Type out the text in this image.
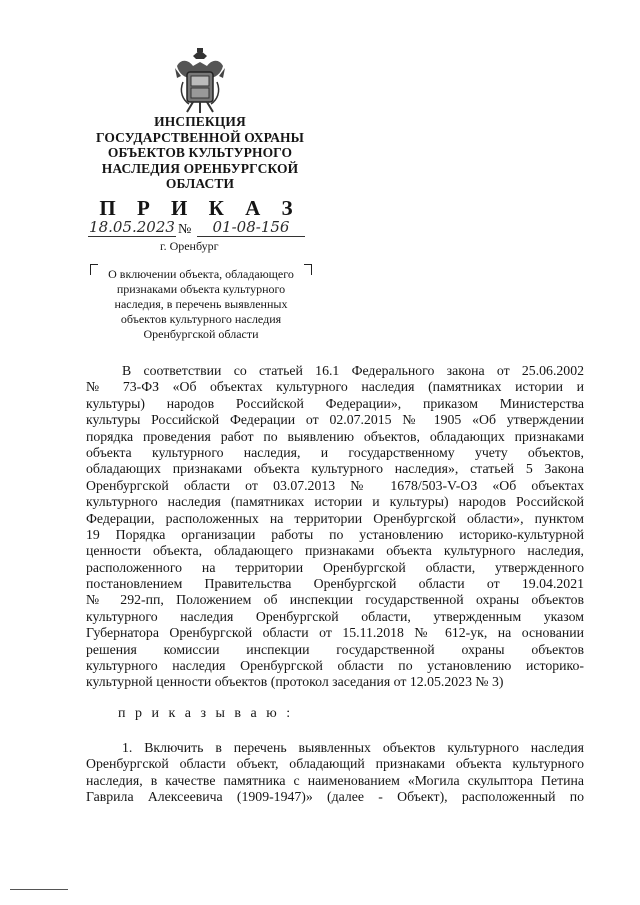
ИНСПЕКЦИЯ
ГОСУДАРСТВЕННОЙ ОХРАНЫ
ОБЪЕКТОВ КУЛЬТУРНОГО
НАСЛЕДИЯ ОРЕНБУРГСКОЙ
ОБЛАСТИ
П Р И К А З
18.05.2023 №	01-08-156
г. Оренбург
О включении объекта, обладающего
признаками объекта культурного
наследия, в перечень выявленных
объектов культурного наследия
Оренбургской области
В соответствии со статьей 16.1 Федерального закона от 25.06.2002
№ 73-ФЗ «Об объектах культурного наследия (памятниках истории и
культуры) народов Российской Федерации», приказом Министерства
культуры Российской Федерации от 02.07.2015 № 1905 «Об утверждении
порядка проведения работ по выявлению объектов, обладающих признаками
объекта культурного наследия, и государственному учету объектов,
обладающих признаками объекта культурного наследия», статьей 5 Закона
Оренбургской области от 03.07.2013 № 1678/503-V-ОЗ «Об объектах
культурного наследия (памятниках истории и культуры) народов Российской
Федерации, расположенных на территории Оренбургской области», пунктом
19 Порядка организации работы по установлению историко-культурной
ценности объекта, обладающего признаками объекта культурного наследия,
расположенного на территории Оренбургской области, утвержденного
постановлением Правительства Оренбургской области от 19.04.2021
№ 292-пп, Положением об инспекции государственной охраны объектов
культурного наследия Оренбургской области, утвержденным указом
Губернатора Оренбургской области от 15.11.2018 № 612-ук, на основании
решения комиссии инспекции государственной охраны объектов
культурного наследия Оренбургской области по установлению историко-
культурной ценности объектов (протокол заседания от 12.05.2023 № 3)
п р и к а з ы в а ю :
1. Включить в перечень выявленных объектов культурного наследия
Оренбургской области объект, обладающий признаками объекта культурного
наследия, в качестве памятника с наименованием «Могила скульптора Петина
Гаврила Алексеевича (1909-1947)» (далее - Объект), расположенный по
